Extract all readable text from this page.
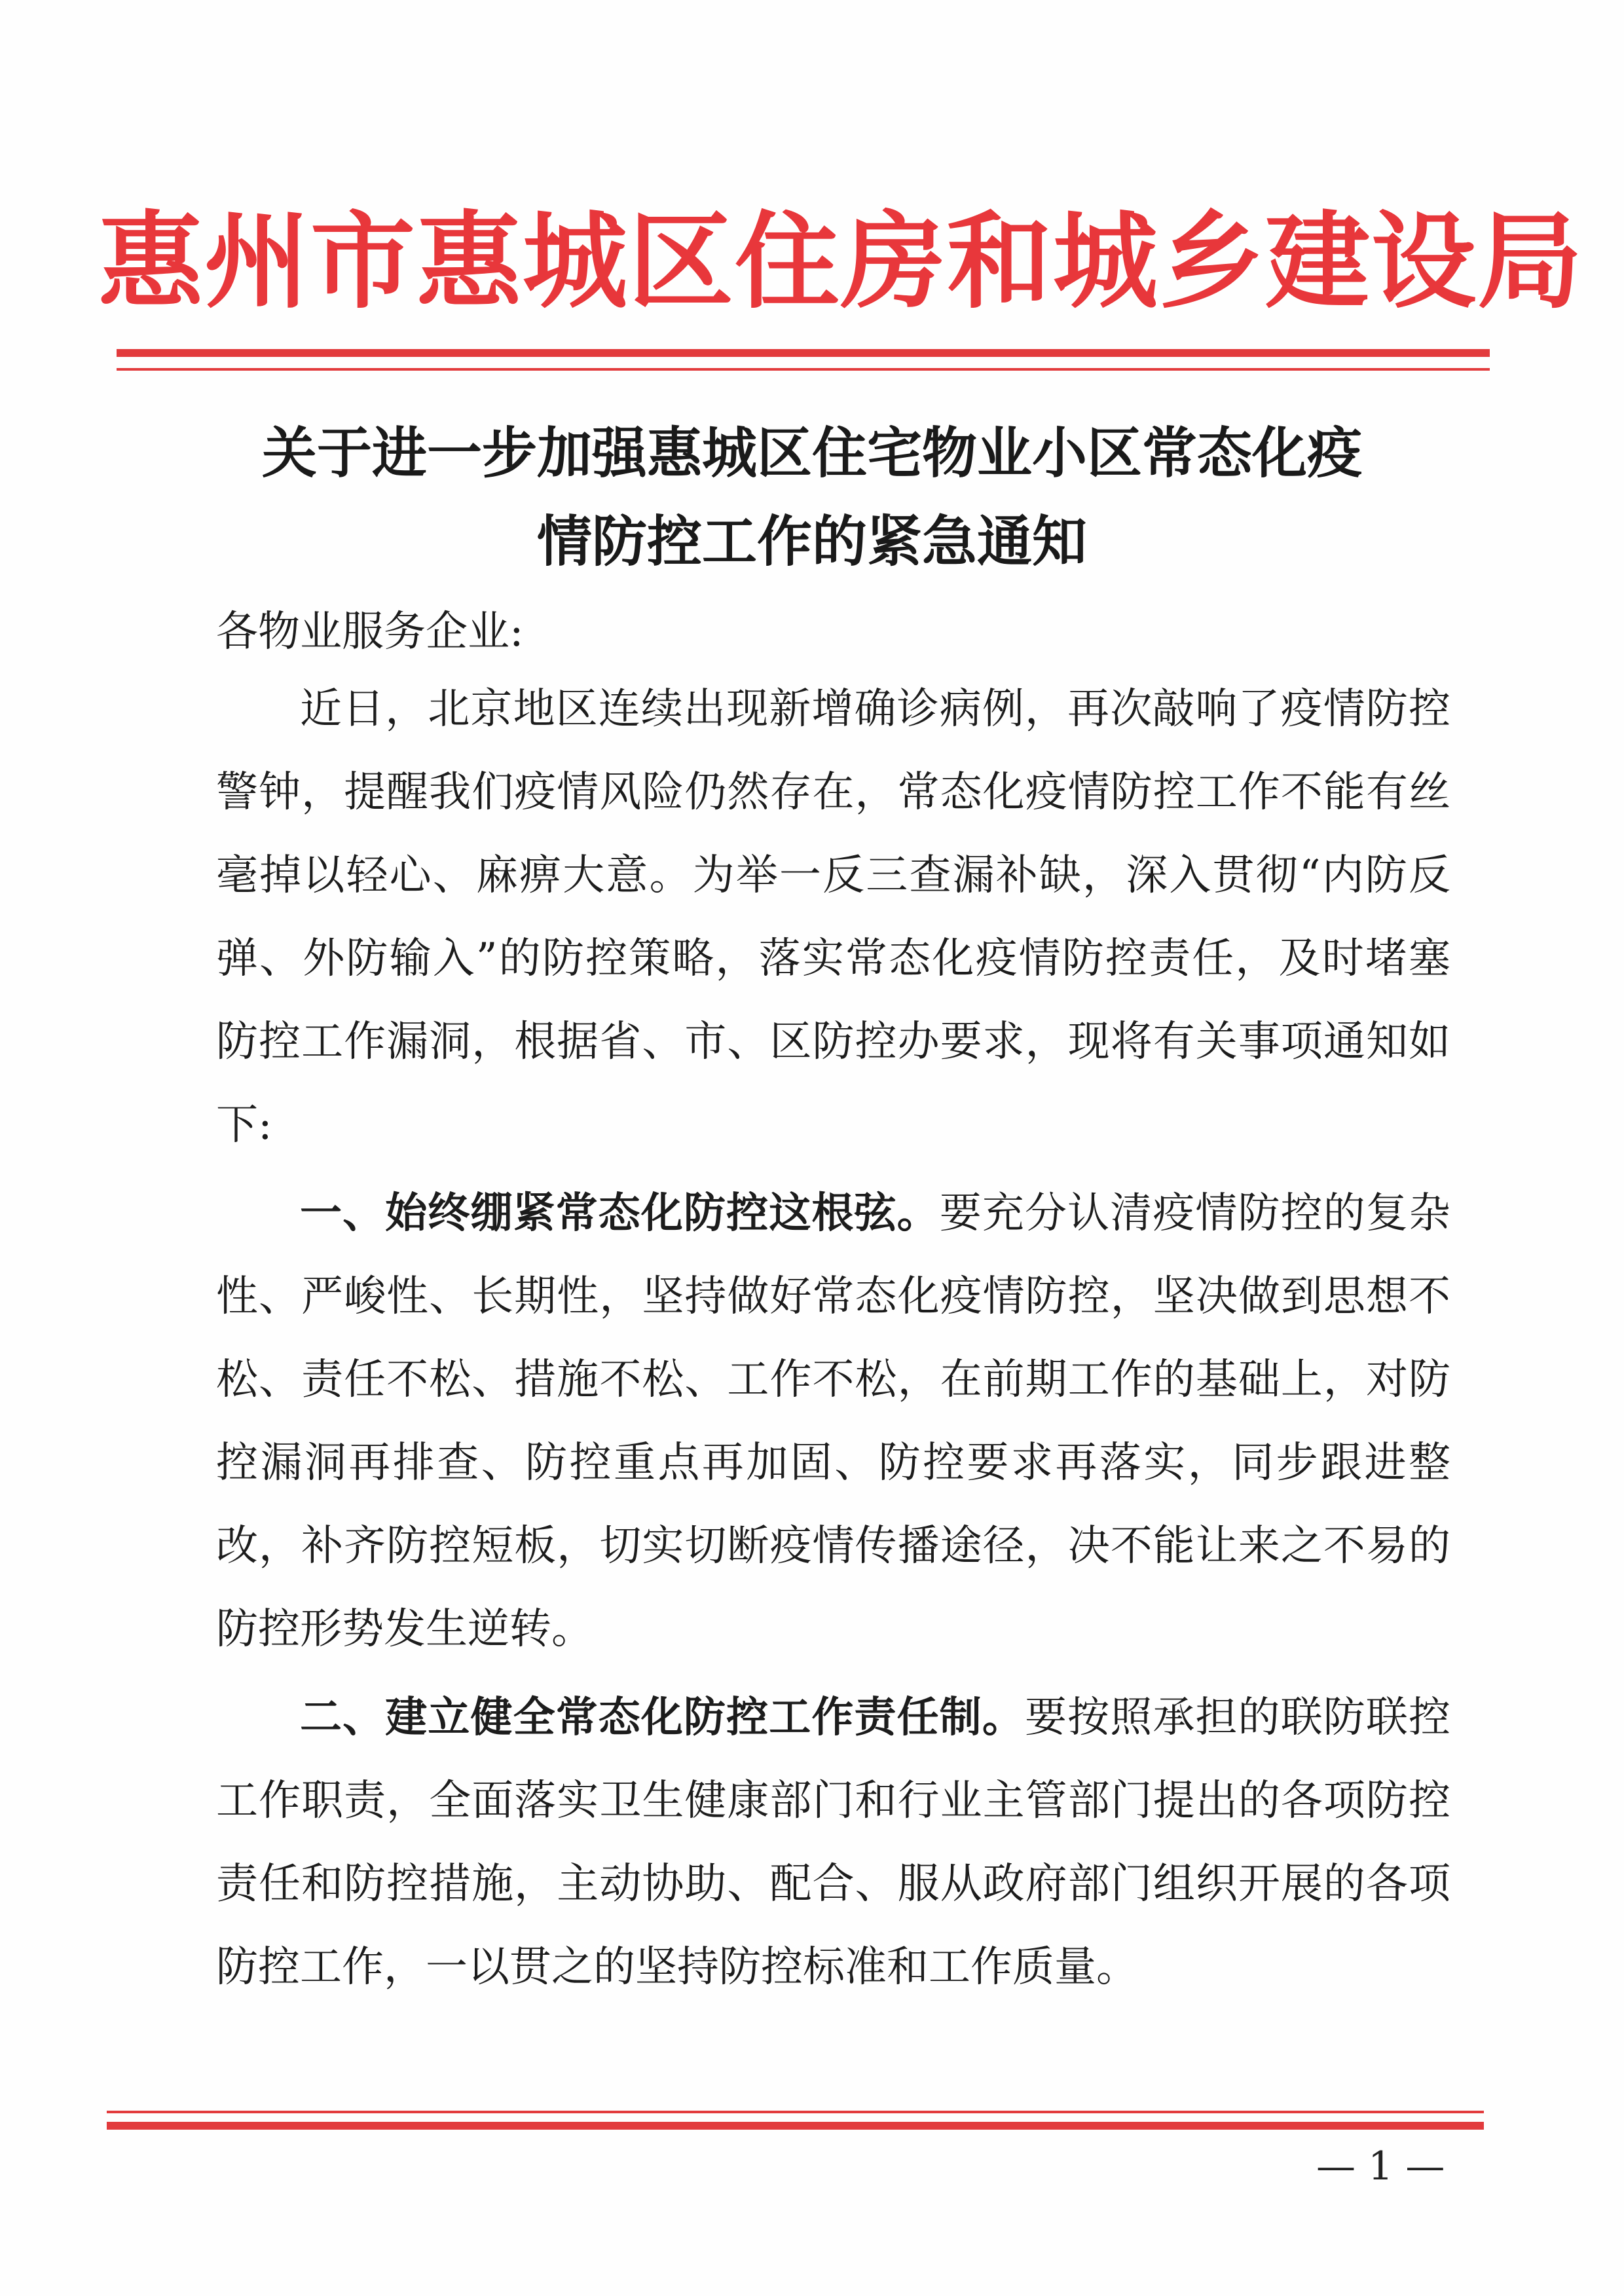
惠州市惠城区住房和城乡建设局
关于进一步加强惠城区住宅物业小区常态化疫
情防控工作的紧急通知
各物业服务企业:

近日，北京地区连续出现新增确诊病例，再次敲响了疫情防控警钟，提醒我们疫情风险仍然存在，常态化疫情防控工作不能有丝毫掉以轻心、麻痹大意。为举一反三查漏补缺，深入贯彻“内防反弹、外防输入”的防控策略，落实常态化疫情防控责任，及时堵塞防控工作漏洞，根据省、市、区防控办要求，现将有关事项通知如下:

一、始终绷紧常态化防控这根弦。要充分认清疫情防控的复杂性、严峻性、长期性，坚持做好常态化疫情防控，坚决做到思想不松、责任不松、措施不松、工作不松，在前期工作的基础上，对防控漏洞再排查、防控重点再加固、防控要求再落实，同步跟进整改，补齐防控短板，切实切断疫情传播途径，决不能让来之不易的防控形势发生逆转。

二、建立健全常态化防控工作责任制。要按照承担的联防联控工作职责，全面落实卫生健康部门和行业主管部门提出的各项防控责任和防控措施，主动协助、配合、服从政府部门组织开展的各项防控工作，一以贯之的坚持防控标准和工作质量。

— 1 —
